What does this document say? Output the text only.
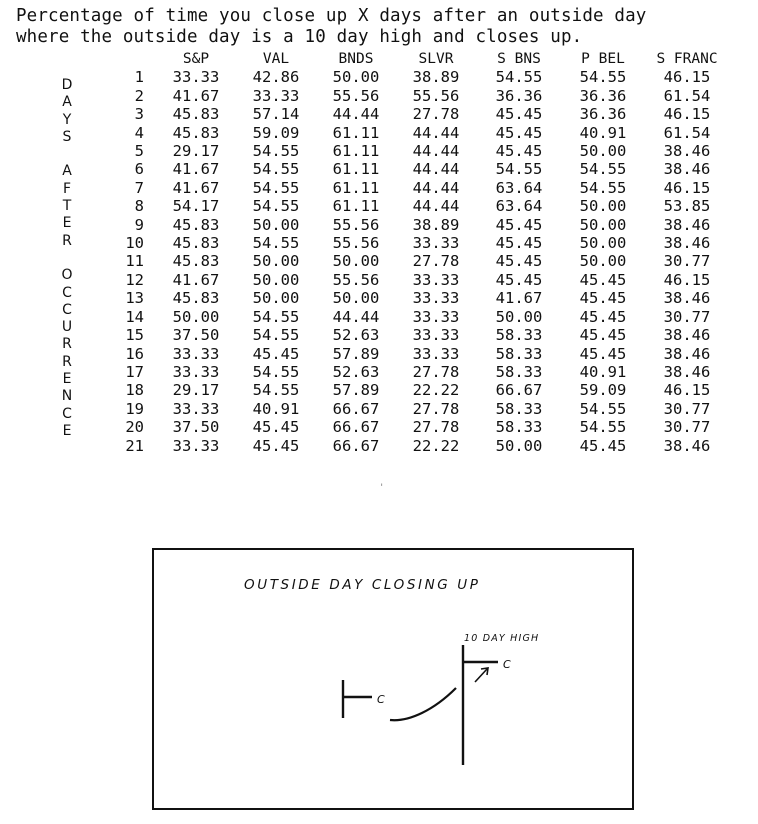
Percentage of time you close up X days after an outside day
where the outside day is a 10 day high and closes up.
D
A
Y
S
A
F
T
E
R
O
C
C
U
R
R
E
N
C
E
	S&P	VAL	BNDS	SLVR	S BNS	P BEL	S FRANC
1	33.33	42.86	50.00	38.89	54.55	54.55	46.15
2	41.67	33.33	55.56	55.56	36.36	36.36	61.54
3	45.83	57.14	44.44	27.78	45.45	36.36	46.15
4	45.83	59.09	61.11	44.44	45.45	40.91	61.54
5	29.17	54.55	61.11	44.44	45.45	50.00	38.46
6	41.67	54.55	61.11	44.44	54.55	54.55	38.46
7	41.67	54.55	61.11	44.44	63.64	54.55	46.15
8	54.17	54.55	61.11	44.44	63.64	50.00	53.85
9	45.83	50.00	55.56	38.89	45.45	50.00	38.46
10	45.83	54.55	55.56	33.33	45.45	50.00	38.46
11	45.83	50.00	50.00	27.78	45.45	50.00	30.77
12	41.67	50.00	55.56	33.33	45.45	45.45	46.15
13	45.83	50.00	50.00	33.33	41.67	45.45	38.46
14	50.00	54.55	44.44	33.33	50.00	45.45	30.77
15	37.50	54.55	52.63	33.33	58.33	45.45	38.46
16	33.33	45.45	57.89	33.33	58.33	45.45	38.46
17	33.33	54.55	52.63	27.78	58.33	40.91	38.46
18	29.17	54.55	57.89	22.22	66.67	59.09	46.15
19	33.33	40.91	66.67	27.78	58.33	54.55	30.77
20	37.50	45.45	66.67	27.78	58.33	54.55	30.77
21	33.33	45.45	66.67	22.22	50.00	45.45	38.46
'
OUTSIDE DAY CLOSING UP
10 DAY HIGH
C
C
